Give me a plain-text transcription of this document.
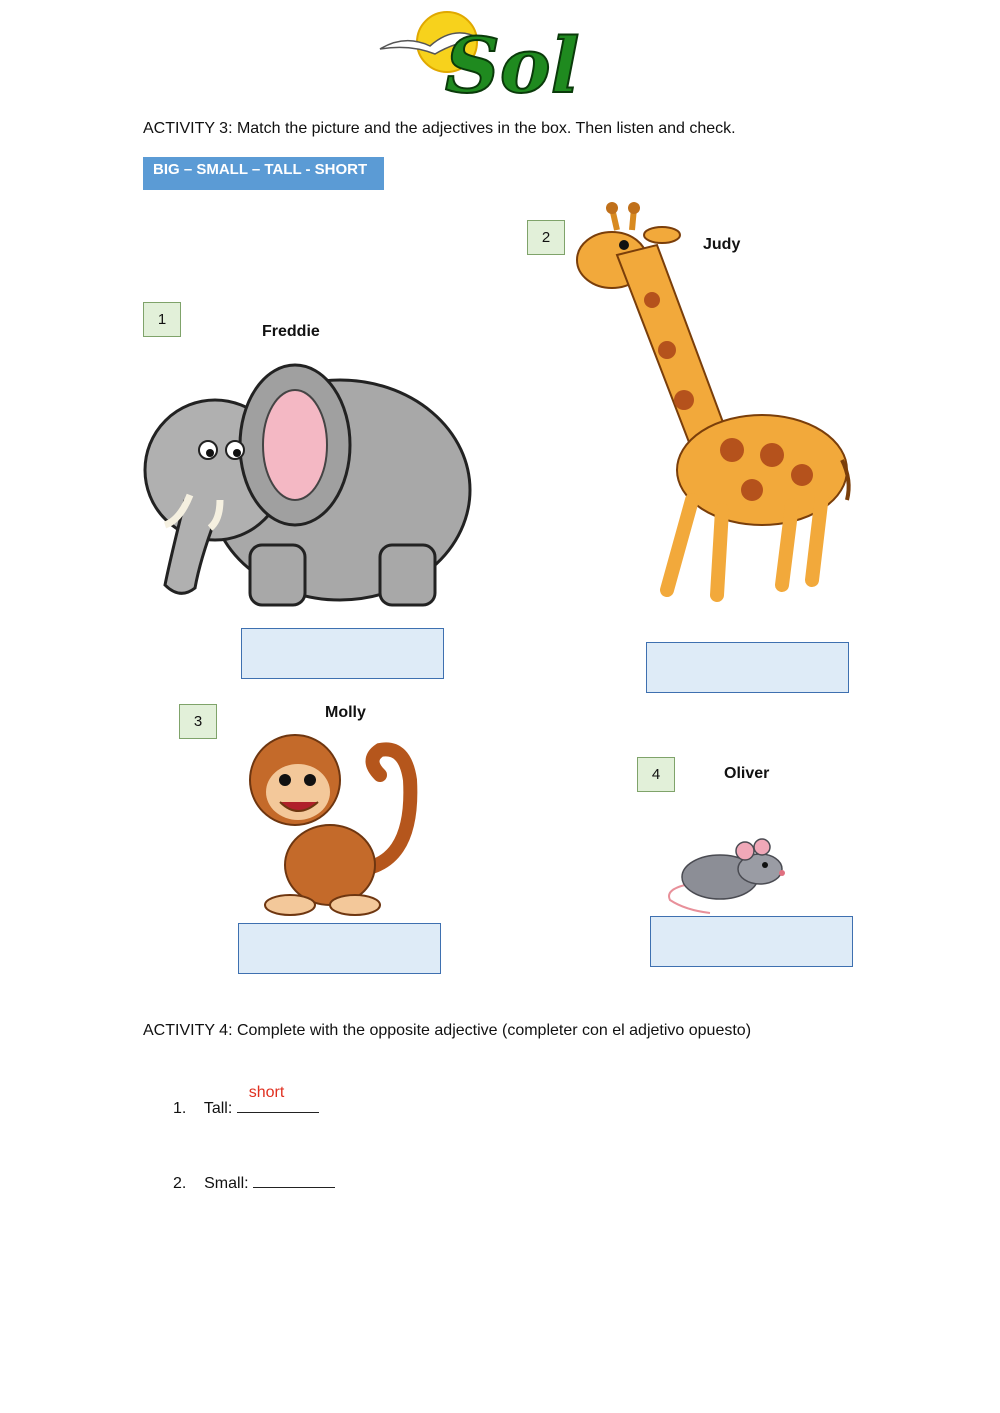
Sol
ACTIVITY 3: Match the picture and the adjectives in the box. Then listen and check.
BIG – SMALL – TALL - SHORT
1
Freddie
2	Judy
3
Molly
4	Oliver
ACTIVITY 4: Complete with the opposite adjective (completer con el adjetivo opuesto)
1. Tall:
short
2. Small:
